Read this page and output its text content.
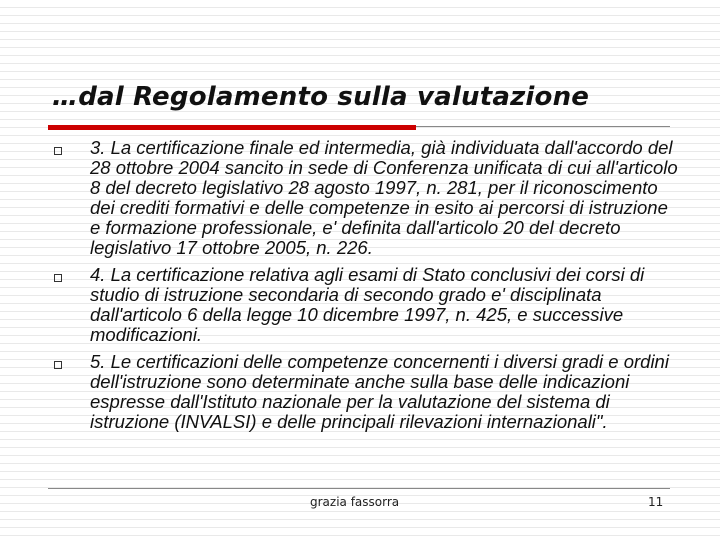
…dal Regolamento sulla valutazione
3. La certificazione finale ed intermedia, già individuata dall'accordo del 28 ottobre 2004 sancito in sede di Conferenza unificata di cui all'articolo 8 del decreto legislativo 28 agosto 1997, n. 281, per il riconoscimento dei crediti formativi e delle competenze in esito ai percorsi di istruzione e formazione professionale, e' definita dall'articolo 20 del decreto legislativo 17 ottobre 2005, n. 226.
4. La certificazione relativa agli esami di Stato conclusivi dei corsi di studio di istruzione secondaria di secondo grado e' disciplinata dall'articolo 6 della legge 10 dicembre 1997, n. 425, e successive modificazioni.
5. Le certificazioni delle competenze concernenti i diversi gradi e ordini dell'istruzione sono determinate anche sulla base delle indicazioni espresse dall'Istituto nazionale per la valutazione del sistema di istruzione (INVALSI) e delle principali rilevazioni internazionali".
grazia fassorra	11
